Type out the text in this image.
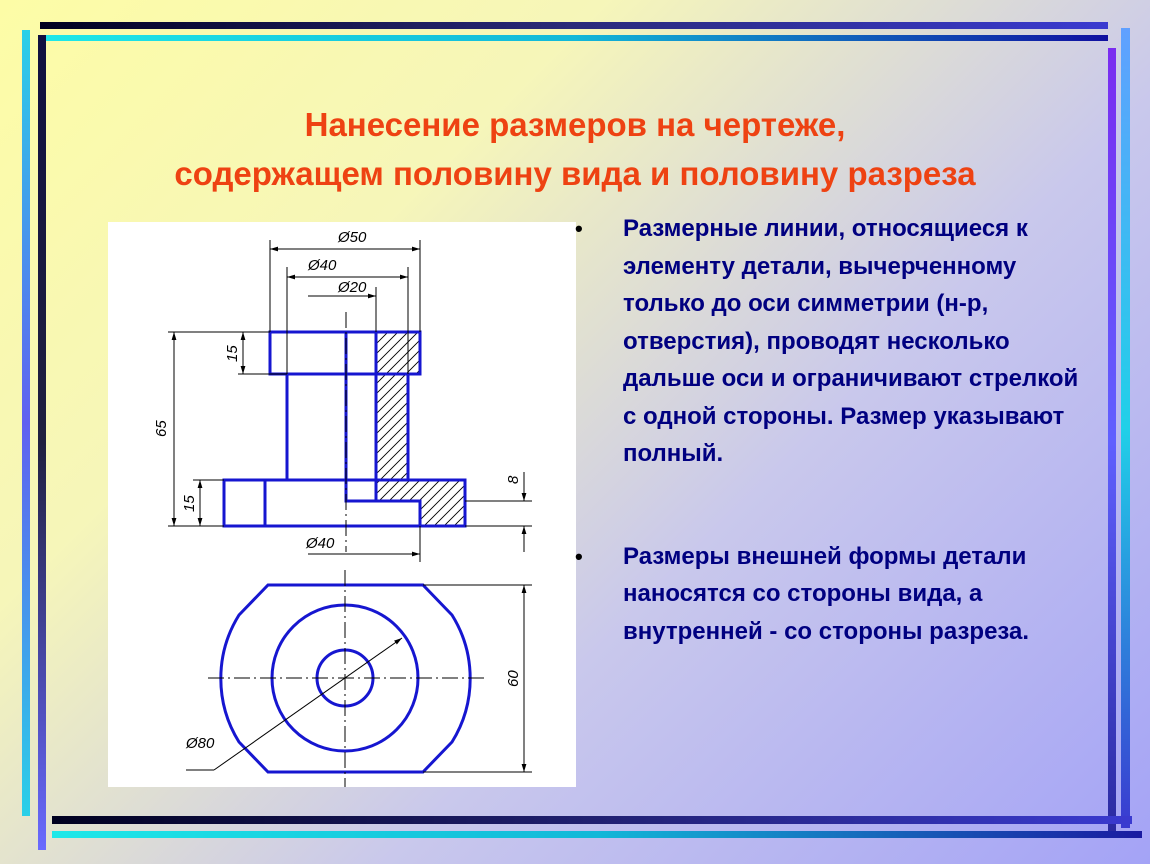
Нанесение размеров на чертеже,
содержащем половину вида и половину разреза
Ø50
Ø40
Ø20
15
65
15
8
Ø40
60
Ø80
• Размерные линии, относящиеся к элементу детали, вычерченному только до оси симметрии (н-р, отверстия), проводят несколько дальше оси и ограничивают стрелкой с одной стороны. Размер указывают полный.
• Размеры внешней формы детали наносятся со стороны вида, а внутренней - со стороны разреза.
